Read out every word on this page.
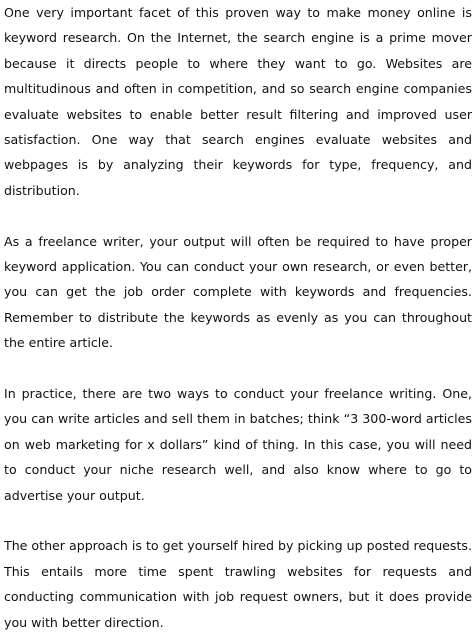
One very important facet of this proven way to make money online is keyword research. On the Internet, the search engine is a prime mover because it directs people to where they want to go. Websites are multitudinous and often in competition, and so search engine companies evaluate websites to enable better result filtering and improved user satisfaction. One way that search engines evaluate websites and webpages is by analyzing their keywords for type, frequency, and distribution.

As a freelance writer, your output will often be required to have proper keyword application. You can conduct your own research, or even better, you can get the job order complete with keywords and frequencies. Remember to distribute the keywords as evenly as you can throughout the entire article.

In practice, there are two ways to conduct your freelance writing. One, you can write articles and sell them in batches; think “3 300-word articles on web marketing for x dollars” kind of thing. In this case, you will need to conduct your niche research well, and also know where to go to advertise your output.

The other approach is to get yourself hired by picking up posted requests. This entails more time spent trawling websites for requests and conducting communication with job request owners, but it does provide you with better direction.
